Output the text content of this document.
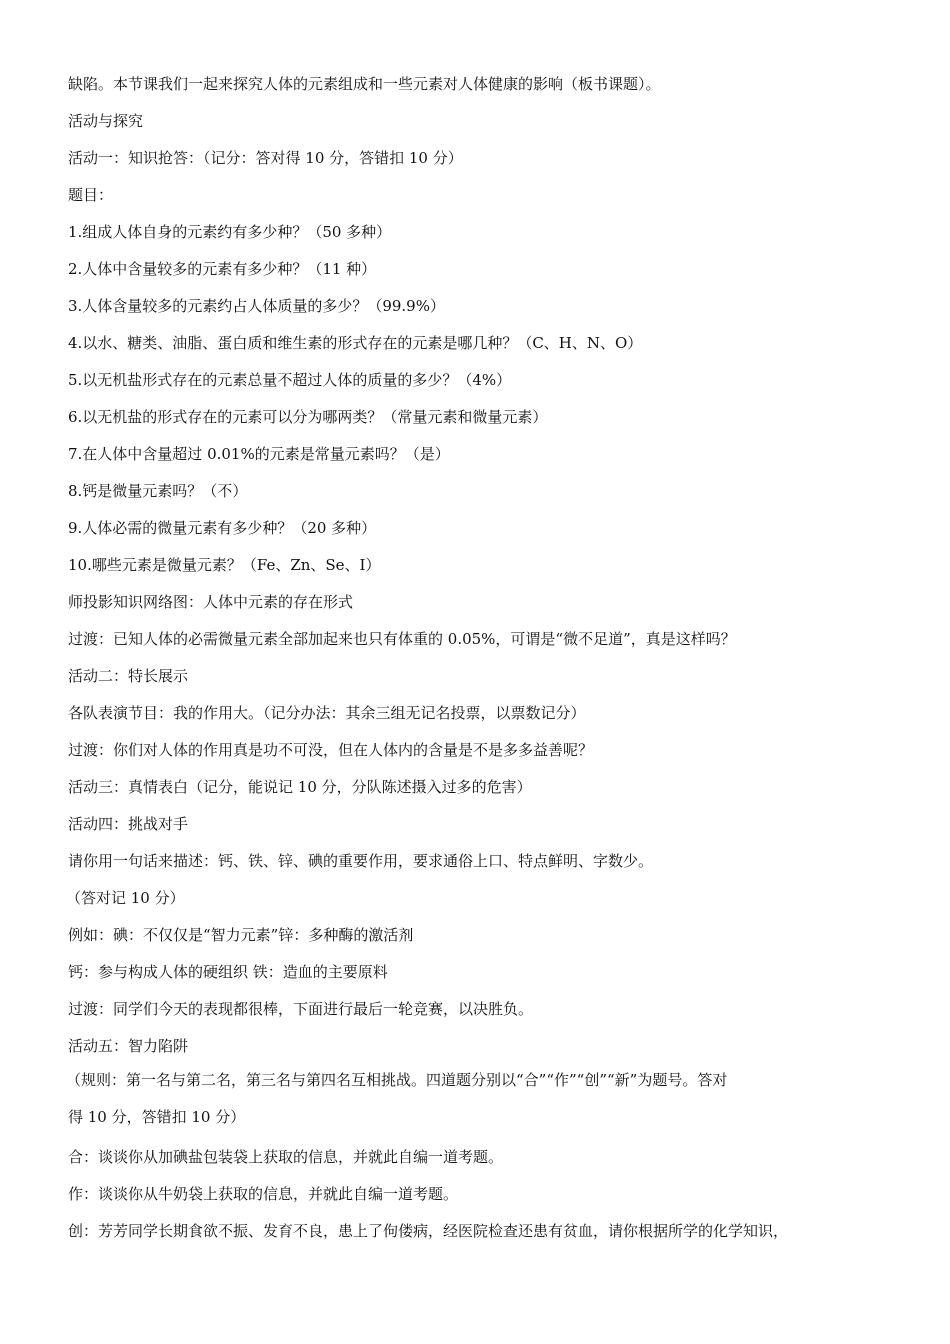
缺陷。本节课我们一起来探究人体的元素组成和一些元素对人体健康的影响（板书课题）。
活动与探究
活动一：知识抢答：（记分：答对得 10 分，答错扣 10 分）
题目：
1.组成人体自身的元素约有多少种？（50 多种）
2.人体中含量较多的元素有多少种？（11 种）
3.人体含量较多的元素约占人体质量的多少？（99.9%）
4.以水、糖类、油脂、蛋白质和维生素的形式存在的元素是哪几种？（C、H、N、O）
5.以无机盐形式存在的元素总量不超过人体的质量的多少？（4%）
6.以无机盐的形式存在的元素可以分为哪两类？（常量元素和微量元素）
7.在人体中含量超过 0.01%的元素是常量元素吗？（是）
8.钙是微量元素吗？（不）
9.人体必需的微量元素有多少种？（20 多种）
10.哪些元素是微量元素？（Fe、Zn、Se、I）
师投影知识网络图：人体中元素的存在形式
过渡：已知人体的必需微量元素全部加起来也只有体重的 0.05%，可谓是“微不足道”，真是这样吗？
活动二：特长展示
各队表演节目：我的作用大。（记分办法：其余三组无记名投票，以票数记分）
过渡：你们对人体的作用真是功不可没，但在人体内的含量是不是多多益善呢？
活动三：真情表白（记分，能说记 10 分，分队陈述摄入过多的危害）
活动四：挑战对手
请你用一句话来描述：钙、铁、锌、碘的重要作用，要求通俗上口、特点鲜明、字数少。
（答对记 10 分）
例如：碘：不仅仅是“智力元素”锌：多种酶的激活剂
钙：参与构成人体的硬组织 铁：造血的主要原料
过渡：同学们今天的表现都很棒，下面进行最后一轮竞赛，以决胜负。
活动五：智力陷阱
（规则：第一名与第二名，第三名与第四名互相挑战。四道题分别以“合”“作”“创”“新”为题号。答对
得 10 分，答错扣 10 分）
合：谈谈你从加碘盐包装袋上获取的信息，并就此自编一道考题。
作：谈谈你从牛奶袋上获取的信息，并就此自编一道考题。
创：芳芳同学长期食欲不振、发育不良，患上了佝偻病，经医院检查还患有贫血，请你根据所学的化学知识，
